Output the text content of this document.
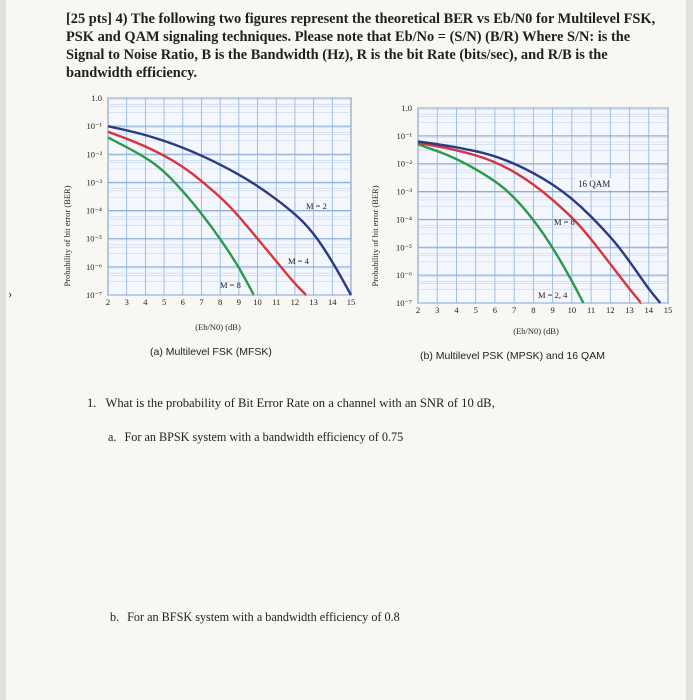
›

[25 pts] 4) The following two figures represent the theoretical BER vs Eb/N0 for Multilevel FSK, PSK and QAM signaling techniques. Please note that Eb/No = (S/N) (B/R) Where S/N: is the Signal to Noise Ratio, B is the Bandwidth (Hz), R is the bit Rate (bits/sec), and R/B is the bandwidth efficiency.

Probability of bit error (BER)
1.0
10⁻¹
10⁻²
10⁻³
10⁻⁴
10⁻⁵
10⁻⁶
10⁻⁷
2 3 4 5 6 7 8 9 10 11 12 13 14 15
M = 2
M = 4
M = 8
(Eb/N0) (dB)
Probability of bit error (BER)
1.0
10⁻¹
10⁻²
10⁻³
10⁻⁴
10⁻⁵
10⁻⁶
10⁻⁷
2 3 4 5 6 7 8 9 10 11 12 13 14 15
16 QAM
M = 8
M = 2, 4
(Eb/N0) (dB)
(a) Multilevel FSK (MFSK)	(b) Multilevel PSK (MPSK) and 16 QAM
1. What is the probability of Bit Error Rate on a channel with an SNR of 10 dB,
a. For an BPSK system with a bandwidth efficiency of 0.75
b. For an BFSK system with a bandwidth efficiency of 0.8
